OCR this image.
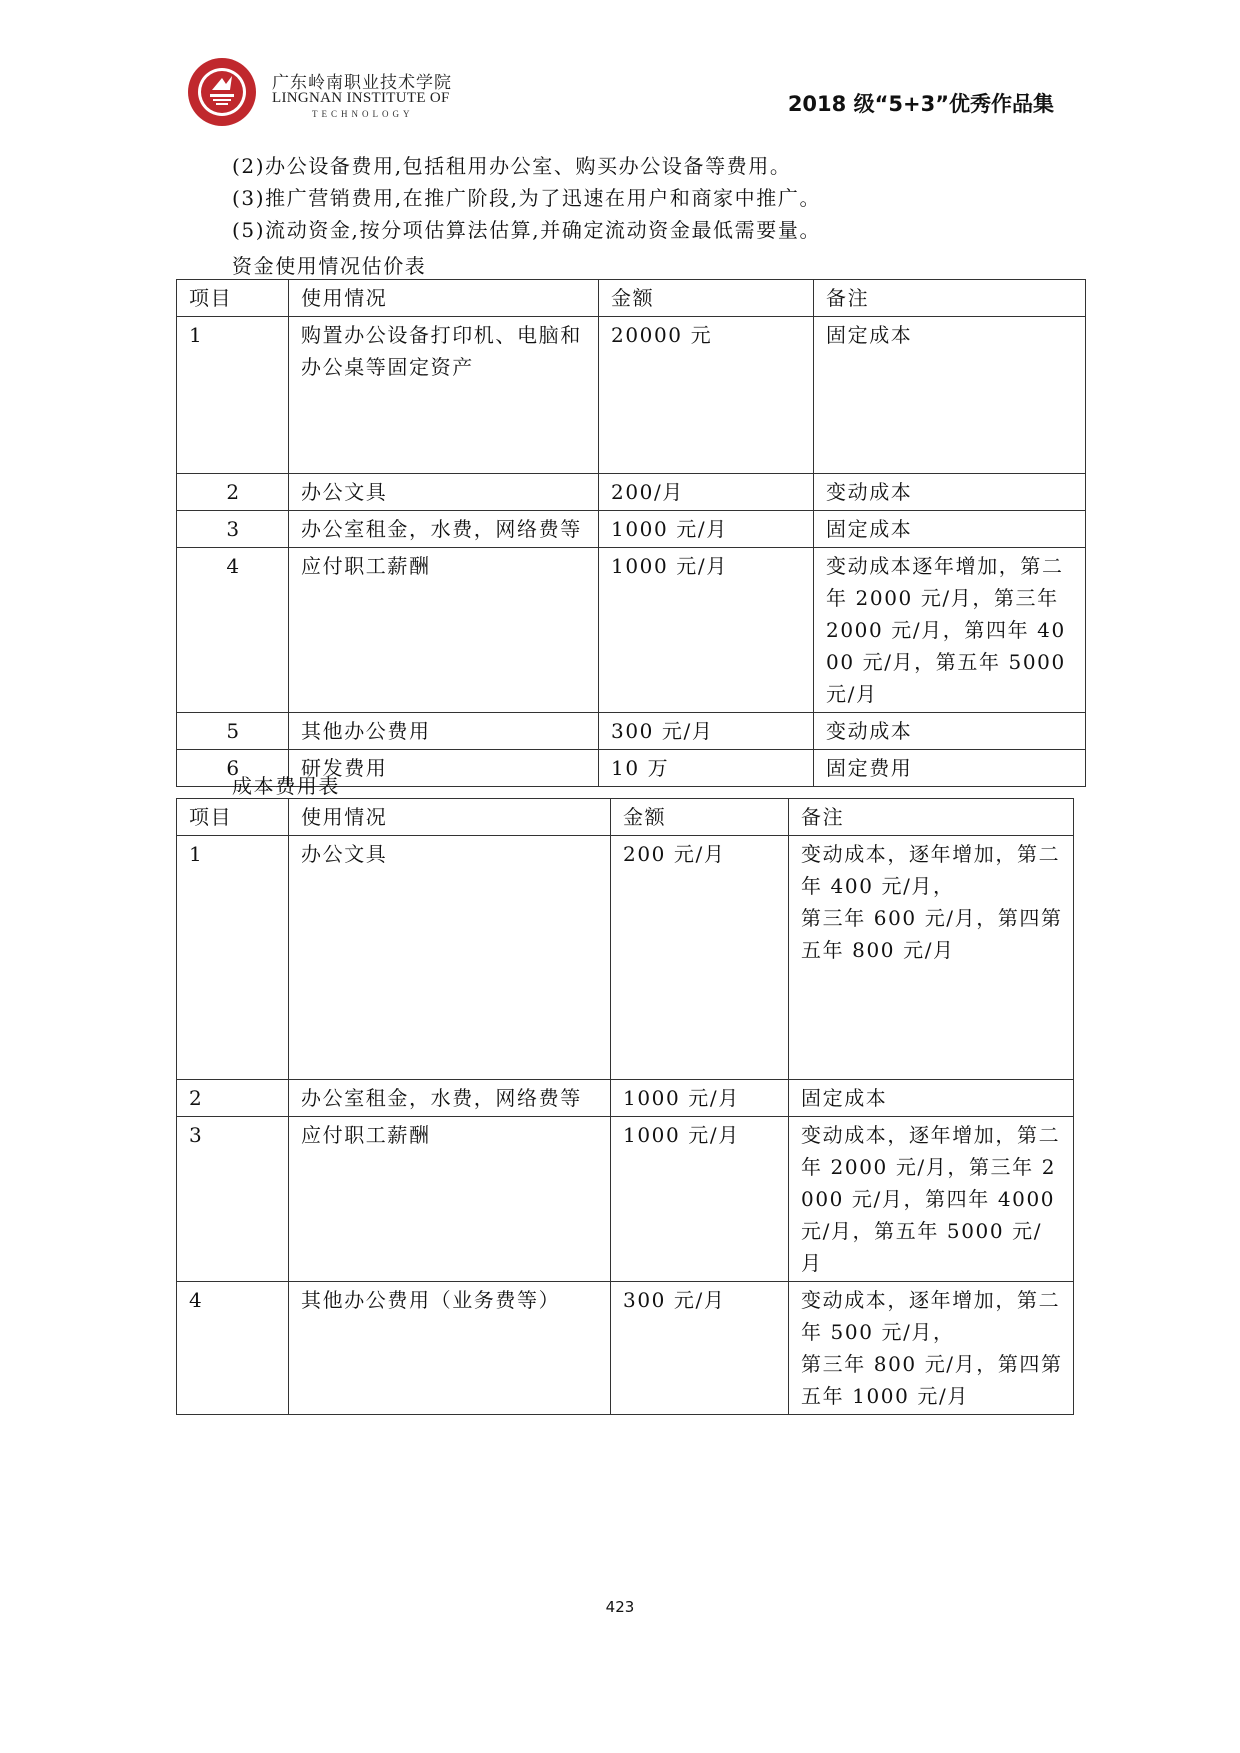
广东岭南职业技术学院
LINGNAN INSTITUTE OF
TECHNOLOGY	2018 级“5+3”优秀作品集
(2)办公设备费用,包括租用办公室、购买办公设备等费用。
(3)推广营销费用,在推广阶段,为了迅速在用户和商家中推广。
(5)流动资金,按分项估算法估算,并确定流动资金最低需要量。
资金使用情况估价表
项目	使用情况	金额	备注
1	购置办公设备打印机、电脑和办公桌等固定资产	20000 元	固定成本
2	办公文具	200/月	变动成本
3	办公室租金，水费，网络费等	1000 元/月	固定成本
4	应付职工薪酬	1000 元/月	变动成本逐年增加，第二年 2000 元/月，第三年 2000 元/月，第四年 4000 元/月，第五年 5000 元/月
5	其他办公费用	300 元/月	变动成本
6	研发费用	10 万	固定费用
成本费用表
项目	使用情况	金额	备注
1	办公文具	200 元/月	变动成本，逐年增加，第二年 400 元/月，
第三年 600 元/月，第四第五年 800 元/月

2	办公室租金，水费，网络费等	1000 元/月	固定成本
3	应付职工薪酬	1000 元/月	变动成本，逐年增加，第二年 2000 元/月，第三年 2000 元/月，第四年 4000 元/月，第五年 5000 元/月
4	其他办公费用（业务费等）	300 元/月	变动成本，逐年增加，第二年 500 元/月，
第三年 800 元/月，第四第五年 1000 元/月
423
